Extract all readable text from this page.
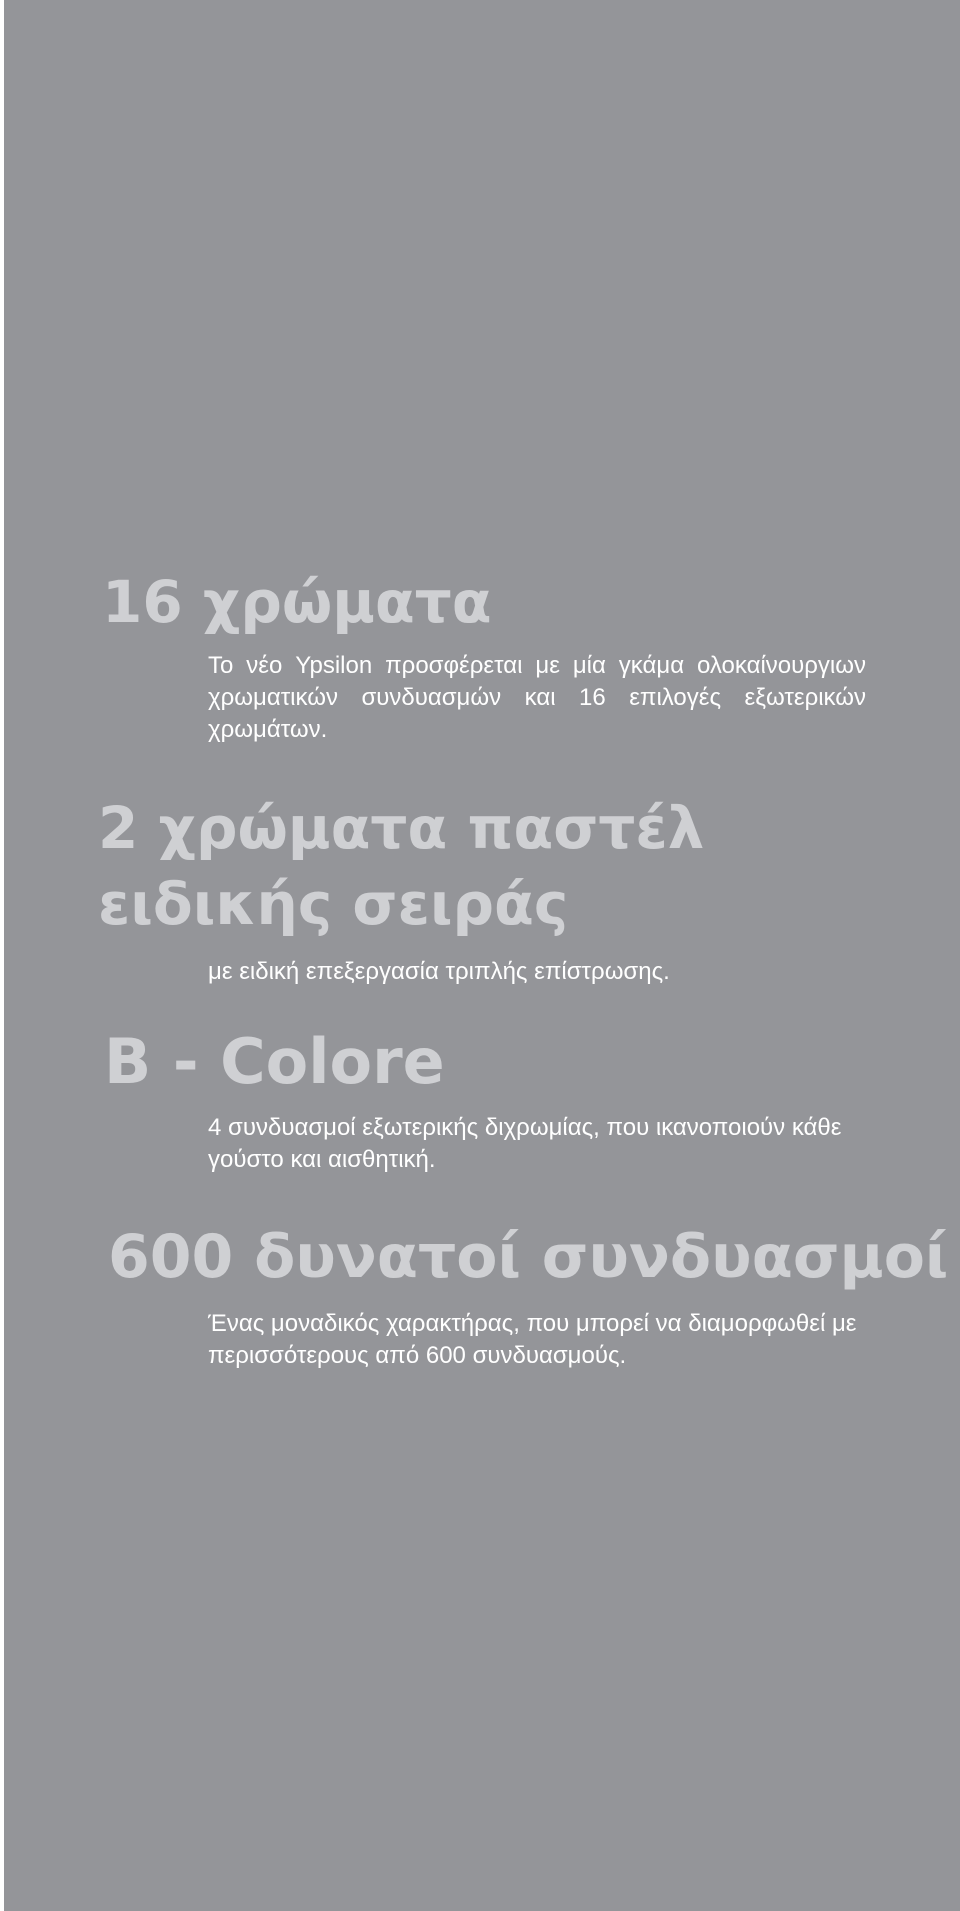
16 χρώματα
Το νέο Ypsilon προσφέρεται με μία γκάμα ολοκαίνουργιων
χρωματικών συνδυασμών και 16 επιλογές εξωτερικών
χρωμάτων.
2 χρώματα παστέλ
ειδικής σειράς
με ειδική επεξεργασία τριπλής επίστρωσης.
B - Colore
4 συνδυασμοί εξωτερικής διχρωμίας, που ικανοποιούν κάθε
γούστο και αισθητική.
600 δυνατοί συνδυασμοί
Ένας μοναδικός χαρακτήρας, που μπορεί να διαμορφωθεί με
περισσότερους από 600 συνδυασμούς.
